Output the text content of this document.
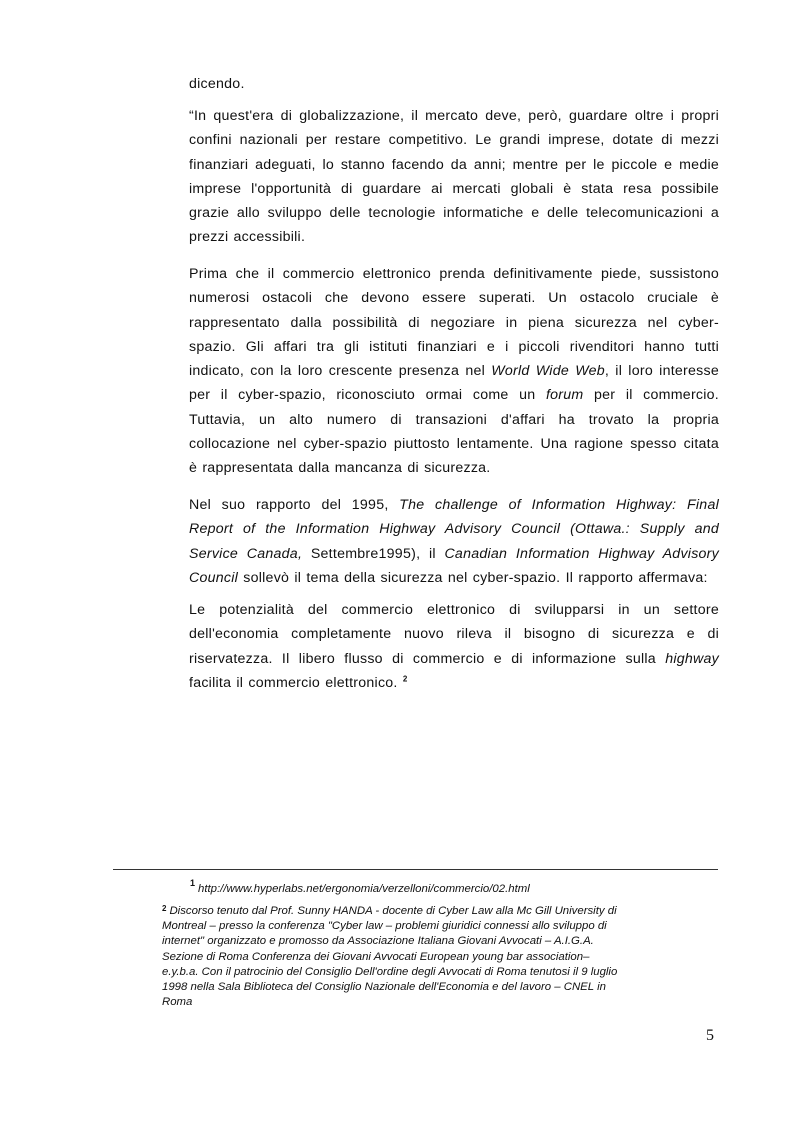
dicendo.
“In quest'era di globalizzazione, il mercato deve, però, guardare oltre i propri
confini nazionali per restare competitivo. Le grandi imprese, dotate di mezzi
finanziari adeguati, lo stanno facendo da anni; mentre per le piccole e medie
imprese l'opportunità di guardare ai mercati globali è stata resa possibile
grazie allo sviluppo delle tecnologie informatiche e delle telecomunicazioni a
prezzi accessibili.
Prima che il commercio elettronico prenda definitivamente piede, sussistono
numerosi ostacoli che devono essere superati. Un ostacolo cruciale è
rappresentato dalla possibilità di negoziare in piena sicurezza nel cyber-
spazio. Gli affari tra gli istituti finanziari e i piccoli rivenditori hanno tutti
indicato, con la loro crescente presenza nel World Wide Web, il loro interesse
per il cyber-spazio, riconosciuto ormai come un forum per il commercio.
Tuttavia, un alto numero di transazioni d'affari ha trovato la propria
collocazione nel cyber-spazio piuttosto lentamente. Una ragione spesso citata
è rappresentata dalla mancanza di sicurezza.
Nel suo rapporto del 1995, The challenge of Information Highway: Final
Report of the Information Highway Advisory Council (Ottawa.: Supply and
Service Canada, Settembre1995), il Canadian Information Highway Advisory
Council sollevò il tema della sicurezza nel cyber-spazio. Il rapporto affermava:
Le potenzialità del commercio elettronico di svilupparsi in un settore
dell'economia completamente nuovo rileva il bisogno di sicurezza e di
riservatezza. Il libero flusso di commercio e di informazione sulla highway
facilita il commercio elettronico. $^2$
$^1$ http://www.hyperlabs.net/ergonomia/verzelloni/commercio/02.html
$^2$ Discorso tenuto dal Prof. Sunny HANDA - docente di Cyber Law alla Mc Gill University di
Montreal – presso la conferenza "Cyber law – problemi giuridici connessi allo sviluppo di
internet" organizzato e promosso da Associazione Italiana Giovani Avvocati – A.I.G.A.
Sezione di Roma Conferenza dei Giovani Avvocati European young bar association–
e.y.b.a. Con il patrocinio del Consiglio Dell'ordine degli Avvocati di Roma tenutosi il 9 luglio
1998 nella Sala Biblioteca del Consiglio Nazionale dell'Economia e del lavoro – CNEL in
Roma
5
